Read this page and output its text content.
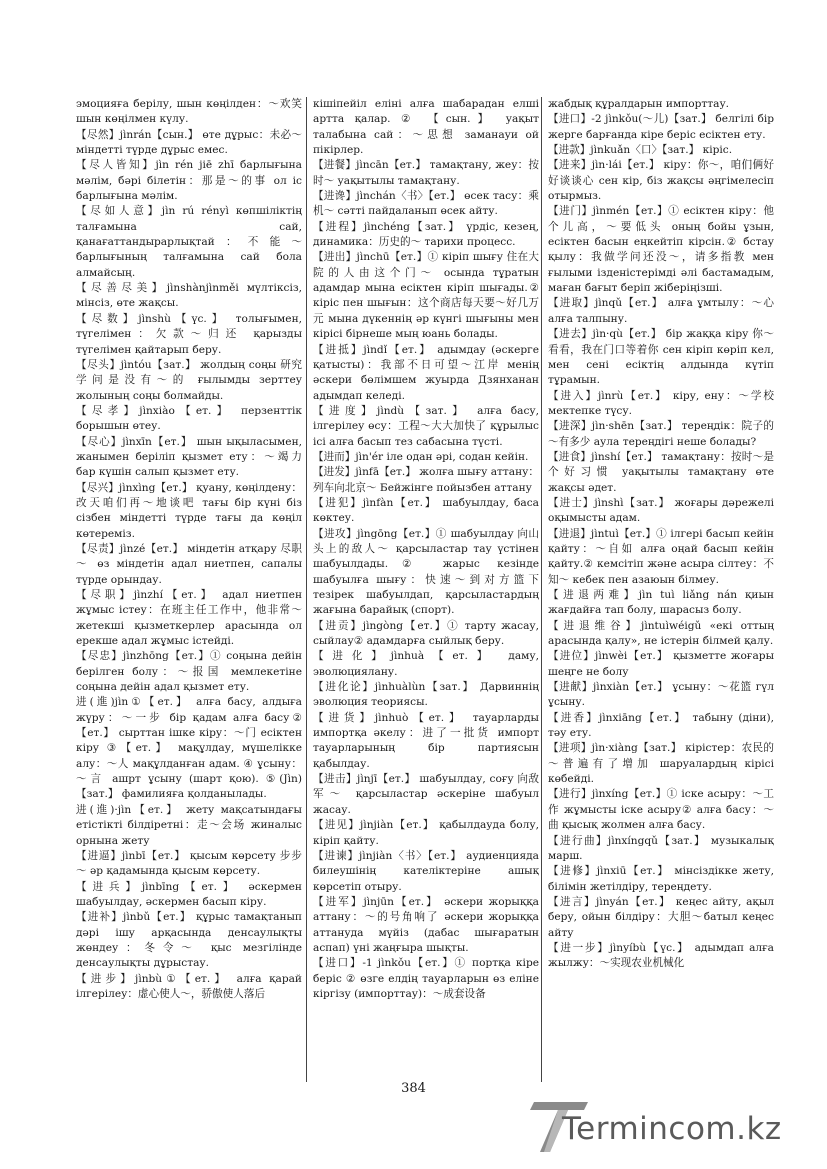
эмоцияға берілу, шын көңілден：～欢笑 шын көңілмен күлу.

【尽然】jìnrán【сын.】 өте дұрыс：未必～ міндетті түрде дұрыс емес.

【尽人皆知】jìn rén jiē zhī барлығына мәлім, бәрі білетін：那是～的事 ол іс барлығына мәлім.

【尽如人意】jìn rú rényì көпшіліктің талғамына сай, қанағаттандырарлықтай：不能～ барлығының талғамына сай бола алмайсың.

【尽善尽美】jìnshànjìnměi мүлтіксіз, мінсіз, өте жақсы.

【尽数】jìnshù【үс.】 толығымен, түгелімен：欠款～归还 қарызды түгелімен қайтарып беру.

【尽头】jìntóu【зат.】 жолдың соңы 研究学问是没有～的 ғылымды зерттеу жолының соңы болмайды.

【尽孝】jìnxiào【ет.】 перзенттік борышын өтеу.

【尽心】jìnxīn【ет.】 шын ықыласымен, жанымен беріліп қызмет ету：～竭力 бар күшін салып қызмет ету.

【尽兴】jìnxìng【ет.】 қуану, көңілдену：改天咱们再～地谈吧 тағы бір күні біз сізбен міндетті түрде тағы да көңіл көтереміз.

【尽责】jìnzé【ет.】 міндетін атқару 尽职～ өз міндетін адал ниетпен, сапалы түрде орындау.

【尽职】jìnzhí【ет.】 адал ниетпен жұмыс істеу：在班主任工作中，他非常～ жетекші қызметкерлер арасында ол ерекше адал жұмыс істейді.

【尽忠】jìnzhōng【ет.】① соңына дейін берілген болу：～报国 мемлекетіне соңына дейін адал қызмет ету.

进(進)jìn①【ет.】 алға басу, алдыға жүру：～一步 бір қадам алға басу②【ет.】 сырттан ішке кіру：～门 есіктен кіру ③【ет.】 мақұлдау, мүшелікке алу：～人 мақұлданған адам. ④ ұсыну：～言 ашрт ұсыну (шарт қою). ⑤(Jìn)【зат.】 фамилияға қолданылады.

进(進)·jìn【ет.】 жету мақсатындағы етістікті білдіретні：走～会场 жиналыс орнына жету

【进逼】jìnbī【ет.】 қысым көрсету 步步～ әр қадамында қысым көрсету.

【进兵】jìnbīng【ет.】 әскермен шабуылдау, әскермен басып кіру.

【进补】jìnbǔ【ет.】 құрыс тамақтанып дәрі ішу арқасында денсаулықты жөндеу：冬令～ қыс мезгілінде денсаулықты дұрыстау.

【进步】jìnbù①【ет.】 алға қарай ілгерілеу：虚心使人～，骄傲使人落后

кішіпейіл еліні алға шабарадан елші артта қалар. ② 【сын.】 уақыт талабына сай：～思想 заманауи ой пікірлер.

【进餐】jìncān【ет.】 тамақтану, жеу：按时～ уақытылы тамақтану.

【进谗】jìnchán〈书〉【ет.】 өсек тасу：乘机～ сәтті пайдаланып өсек айту.

【进程】jìnchéng【зат.】 үрдіс, кезең, динамика：历史的～ тарихи процесс.

【进出】jìnchū【ет.】① кіріп шығу 住在大院的人由这个门～ осында тұратын адамдар мына есіктен кіріп шығады.② кіріс пен шығын：这个商店每天要～好几万元 мына дүкеннің әр күнгі шығыны мен кірісі бірнеше мың юань болады.

【进抵】jìndǐ【ет.】 адымдау (әскерге қатысты)：我部不日可望～江岸 менің әскери бөлімшем жуырда Дзянханан адымдап келеді.

【进度】jìndù【зат.】 алға басу, ілгерілеу өсу：工程～大大加快了 құрылыс ісі алға басып тез сабасына түсті.

【进而】jìn'ér іле одан әрі, содан кейін.

【进发】jìnfā【ет.】 жолға шығу аттану：列车向北京～ Бейжінге пойызбен аттану

【进犯】jìnfàn【ет.】 шабуылдау, баса көктеу.

【进攻】jìngōng【ет.】① шабуылдау 向山头上的敌人～ қарсыластар тау үстінен шабуылдады.② жарыс кезінде шабуылға шығу：快速～到对方篮下 тезірек шабуылдап, қарсыластардың жағына барайық (спорт).

【进贡】jìngòng【ет.】① тарту жасау, сыйлау② адамдарға сыйлық беру.

【进化】jìnhuà【ет.】 даму, эволюциялану.

【进化论】jìnhuàlùn【зат.】 Дарвиннің эволюция теориясы.

【进货】jìnhuò【ет.】 тауарларды импортқа әкелу：进了一批货 импорт тауарларының бір партиясын қабылдау.

【进击】jìnjī【ет.】 шабуылдау, соғу 向敌军～ қарсыластар әскеріне шабуыл жасау.

【进见】jìnjiàn【ет.】 қабылдауда болу, кіріп қайту.

【进谏】jìnjiàn〈书〉【ет.】 аудиенцияда билеушінің кателіктеріне ашық көрсетіп отыру.

【进军】jìnjūn【ет.】 әскери жорыққа аттану：～的号角响了 әскери жорыққа аттануда мүйіз (дабас шығаратын аспап) үні жаңғыра шықты.

【进口】-1 jìnkǒu【ет.】① портқа кіре беріс ② өзге елдің тауарларын өз еліне кіргізу (импорттау)：～成套设备

жабдық құралдарын импорттау.

【进口】-2 jìnkǒu(～儿)【зат.】 белгілі бір жерге барғанда кіре беріс есіктен ету.

【进款】jìnkuǎn〈口〉【зат.】 кіріс.

【进来】jìn·lái【ет.】 кіру：你～，咱们俩好好谈谈心 сен кір, біз жақсы әңгімелесіп отырмыз.

【进门】jìnmén【ет.】① есіктен кіру：他个儿高，～要低头 оның бойы ұзын, есіктен басын еңкейтіп кірсін.② бстау қылу：我做学问还没～，请多指教 мен ғылыми ізденістерімді әлі бастамадым, маған бағыт беріп жіберіңізші.

【进取】jìnqǔ【ет.】 алға ұмтылу：～心 алға талпыну.

【进去】jìn·qù【ет.】 бір жаққа кіру 你～看看，我在门口等着你 сен кіріп көріп кел, мен сені есіктің алдында күтіп тұрамын.

【进入】jìnrù【ет.】 кіру, ену：～学校 мектепке түсу.

【进深】jìn·shēn【зат.】 тереңдік：院子的～有多少 аула тереңдігі неше болады?

【进食】jìnshí【ет.】 тамақтану：按时～是个好习惯 уақытылы тамақтану өте жақсы әдет.

【进士】jìnshì【зат.】 жоғары дәрежелі оқымысты адам.

【进退】jìntuì【ет.】① ілгері басып кейін қайту：～自如 алға оңай басып кейін қайту.② кемсітіп және асыра сілтеу：不知～ кебек пен азаюын білмеу.

【进退两难】jìn tuì liǎng nán қиын жағдайға тап болу, шарасыз болу.

【进退维谷】jìntuìwéigǔ «екі оттың арасында қалу», не істерін білмей қалу.

【进位】jìnwèi【ет.】 қызметте жоғары шеңге не болу

【进献】jìnxiàn【ет.】 ұсыну：～花篮 гүл ұсыну.

【进香】jìnxiāng【ет.】 табыну (діни), тәу ету.

【进项】jìn·xiàng【зат.】 кірістер：农民的～普遍有了增加 шаруалардың кірісі көбейді.

【进行】jìnxíng【ет.】① іске асыру：～工作 жұмысты іске асыру② алға басу：～曲 қысық жолмен алға басу.

【进行曲】jìnxíngqǔ【зат.】 музыкалық марш.

【进修】jìnxiū【ет.】 мінсіздікке жету, білімін жетілдіру, тереңдету.

【进言】jìnyán【ет.】 кеңес айту, ақыл беру, ойын білдіру：大胆～батыл кеңес айту

【进一步】jìnyíbù【үс.】 адымдап алға жылжу：～实现农业机械化

384
Termincom.kz
